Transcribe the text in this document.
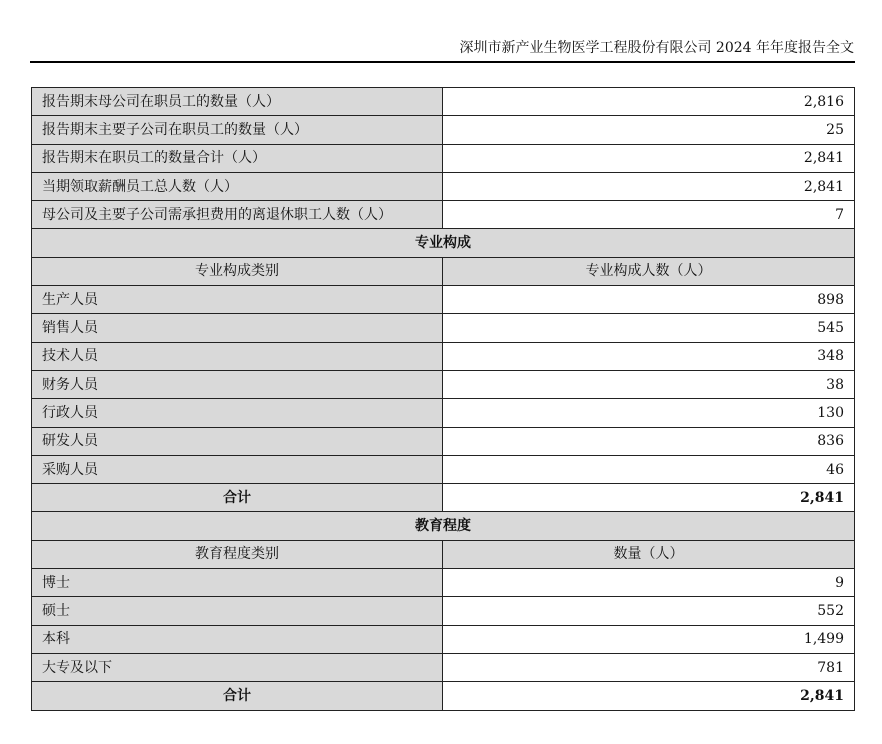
深圳市新产业生物医学工程股份有限公司 2024 年年度报告全文
报告期末母公司在职员工的数量（人）	2,816
报告期末主要子公司在职员工的数量（人）	25
报告期末在职员工的数量合计（人）	2,841
当期领取薪酬员工总人数（人）	2,841
母公司及主要子公司需承担费用的离退休职工人数（人）	7
专业构成	
专业构成类别	专业构成人数（人）
生产人员	898
销售人员	545
技术人员	348
财务人员	38
行政人员	130
研发人员	836
采购人员	46
合计	2,841
教育程度	
教育程度类别	数量（人）
博士	9
硕士	552
本科	1,499
大专及以下	781
合计	2,841
